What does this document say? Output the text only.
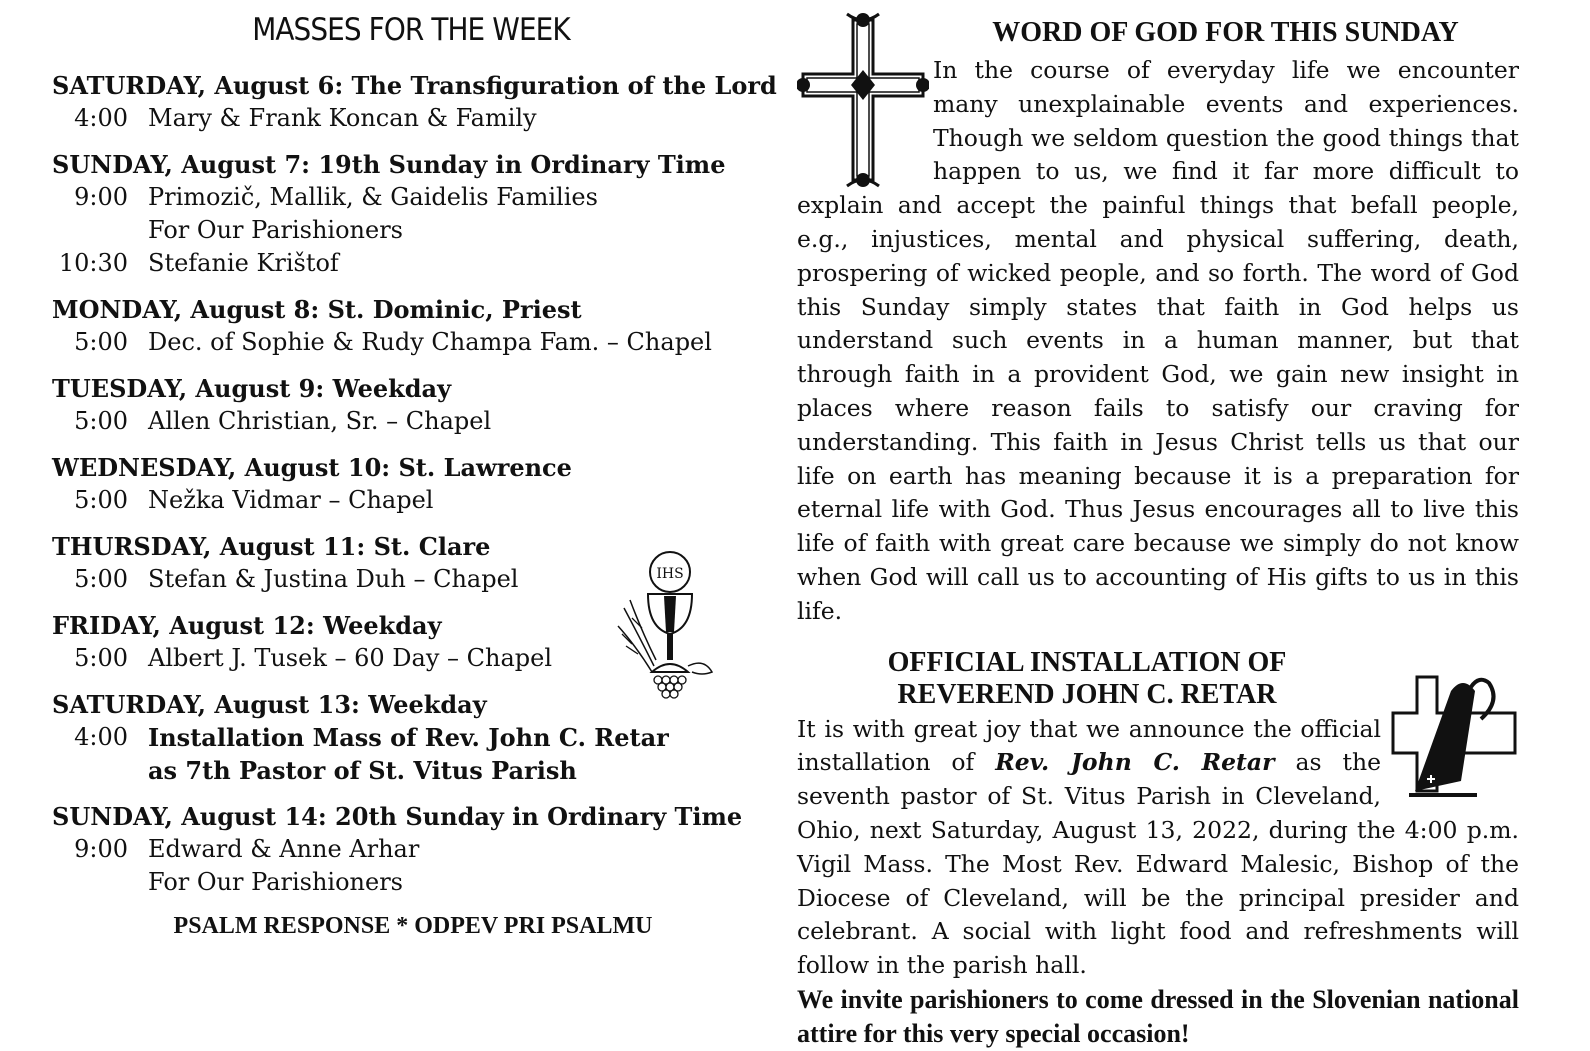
MASSES FOR THE WEEK
SATURDAY, August 6: The Transfiguration of the Lord
4:00 Mary & Frank Koncan & Family
SUNDAY, August 7: 19th Sunday in Ordinary Time
9:00 Primozič, Mallik, & Gaidelis Families
For Our Parishioners
10:30 Stefanie Krištof
MONDAY, August 8: St. Dominic, Priest
5:00 Dec. of Sophie & Rudy Champa Fam. – Chapel
TUESDAY, August 9: Weekday
5:00 Allen Christian, Sr. – Chapel
WEDNESDAY, August 10: St. Lawrence
5:00 Nežka Vidmar – Chapel
THURSDAY, August 11: St. Clare
5:00 Stefan & Justina Duh – Chapel
FRIDAY, August 12: Weekday
5:00 Albert J. Tusek – 60 Day – Chapel
SATURDAY, August 13: Weekday
4:00 Installation Mass of Rev. John C. Retar
as 7th Pastor of St. Vitus Parish
SUNDAY, August 14: 20th Sunday in Ordinary Time
9:00 Edward & Anne Arhar
For Our Parishioners
PSALM RESPONSE * ODPEV PRI PSALMU
IHS
WORD OF GOD FOR THIS SUNDAY

In the course of everyday life we encounter many unexplainable events and experiences. Though we seldom question the good things that happen to us, we find it far more difficult to explain and accept the painful things that befall people, e.g., injustices, mental and physical suffering, death, prospering of wicked people, and so forth. The word of God this Sunday simply states that faith in God helps us understand such events in a human manner, but that through faith in a provident God, we gain new insight in places where reason fails to satisfy our craving for understanding. This faith in Jesus Christ tells us that our life on earth has meaning because it is a preparation for eternal life with God. Thus Jesus encourages all to live this life of faith with great care because we simply do not know when God will call us to accounting of His gifts to us in this life.

OFFICIAL INSTALLATION OF
REVEREND JOHN C. RETAR

It is with great joy that we announce the official installation of Rev. John C. Retar as the seventh pastor of St. Vitus Parish in Cleveland, Ohio, next Saturday, August 13, 2022, during the 4:00 p.m. Vigil Mass. The Most Rev. Edward Malesic, Bishop of the Diocese of Cleveland, will be the principal presider and celebrant. A social with light food and refreshments will follow in the parish hall.

We invite parishioners to come dressed in the Slovenian national attire for this very special occasion!
